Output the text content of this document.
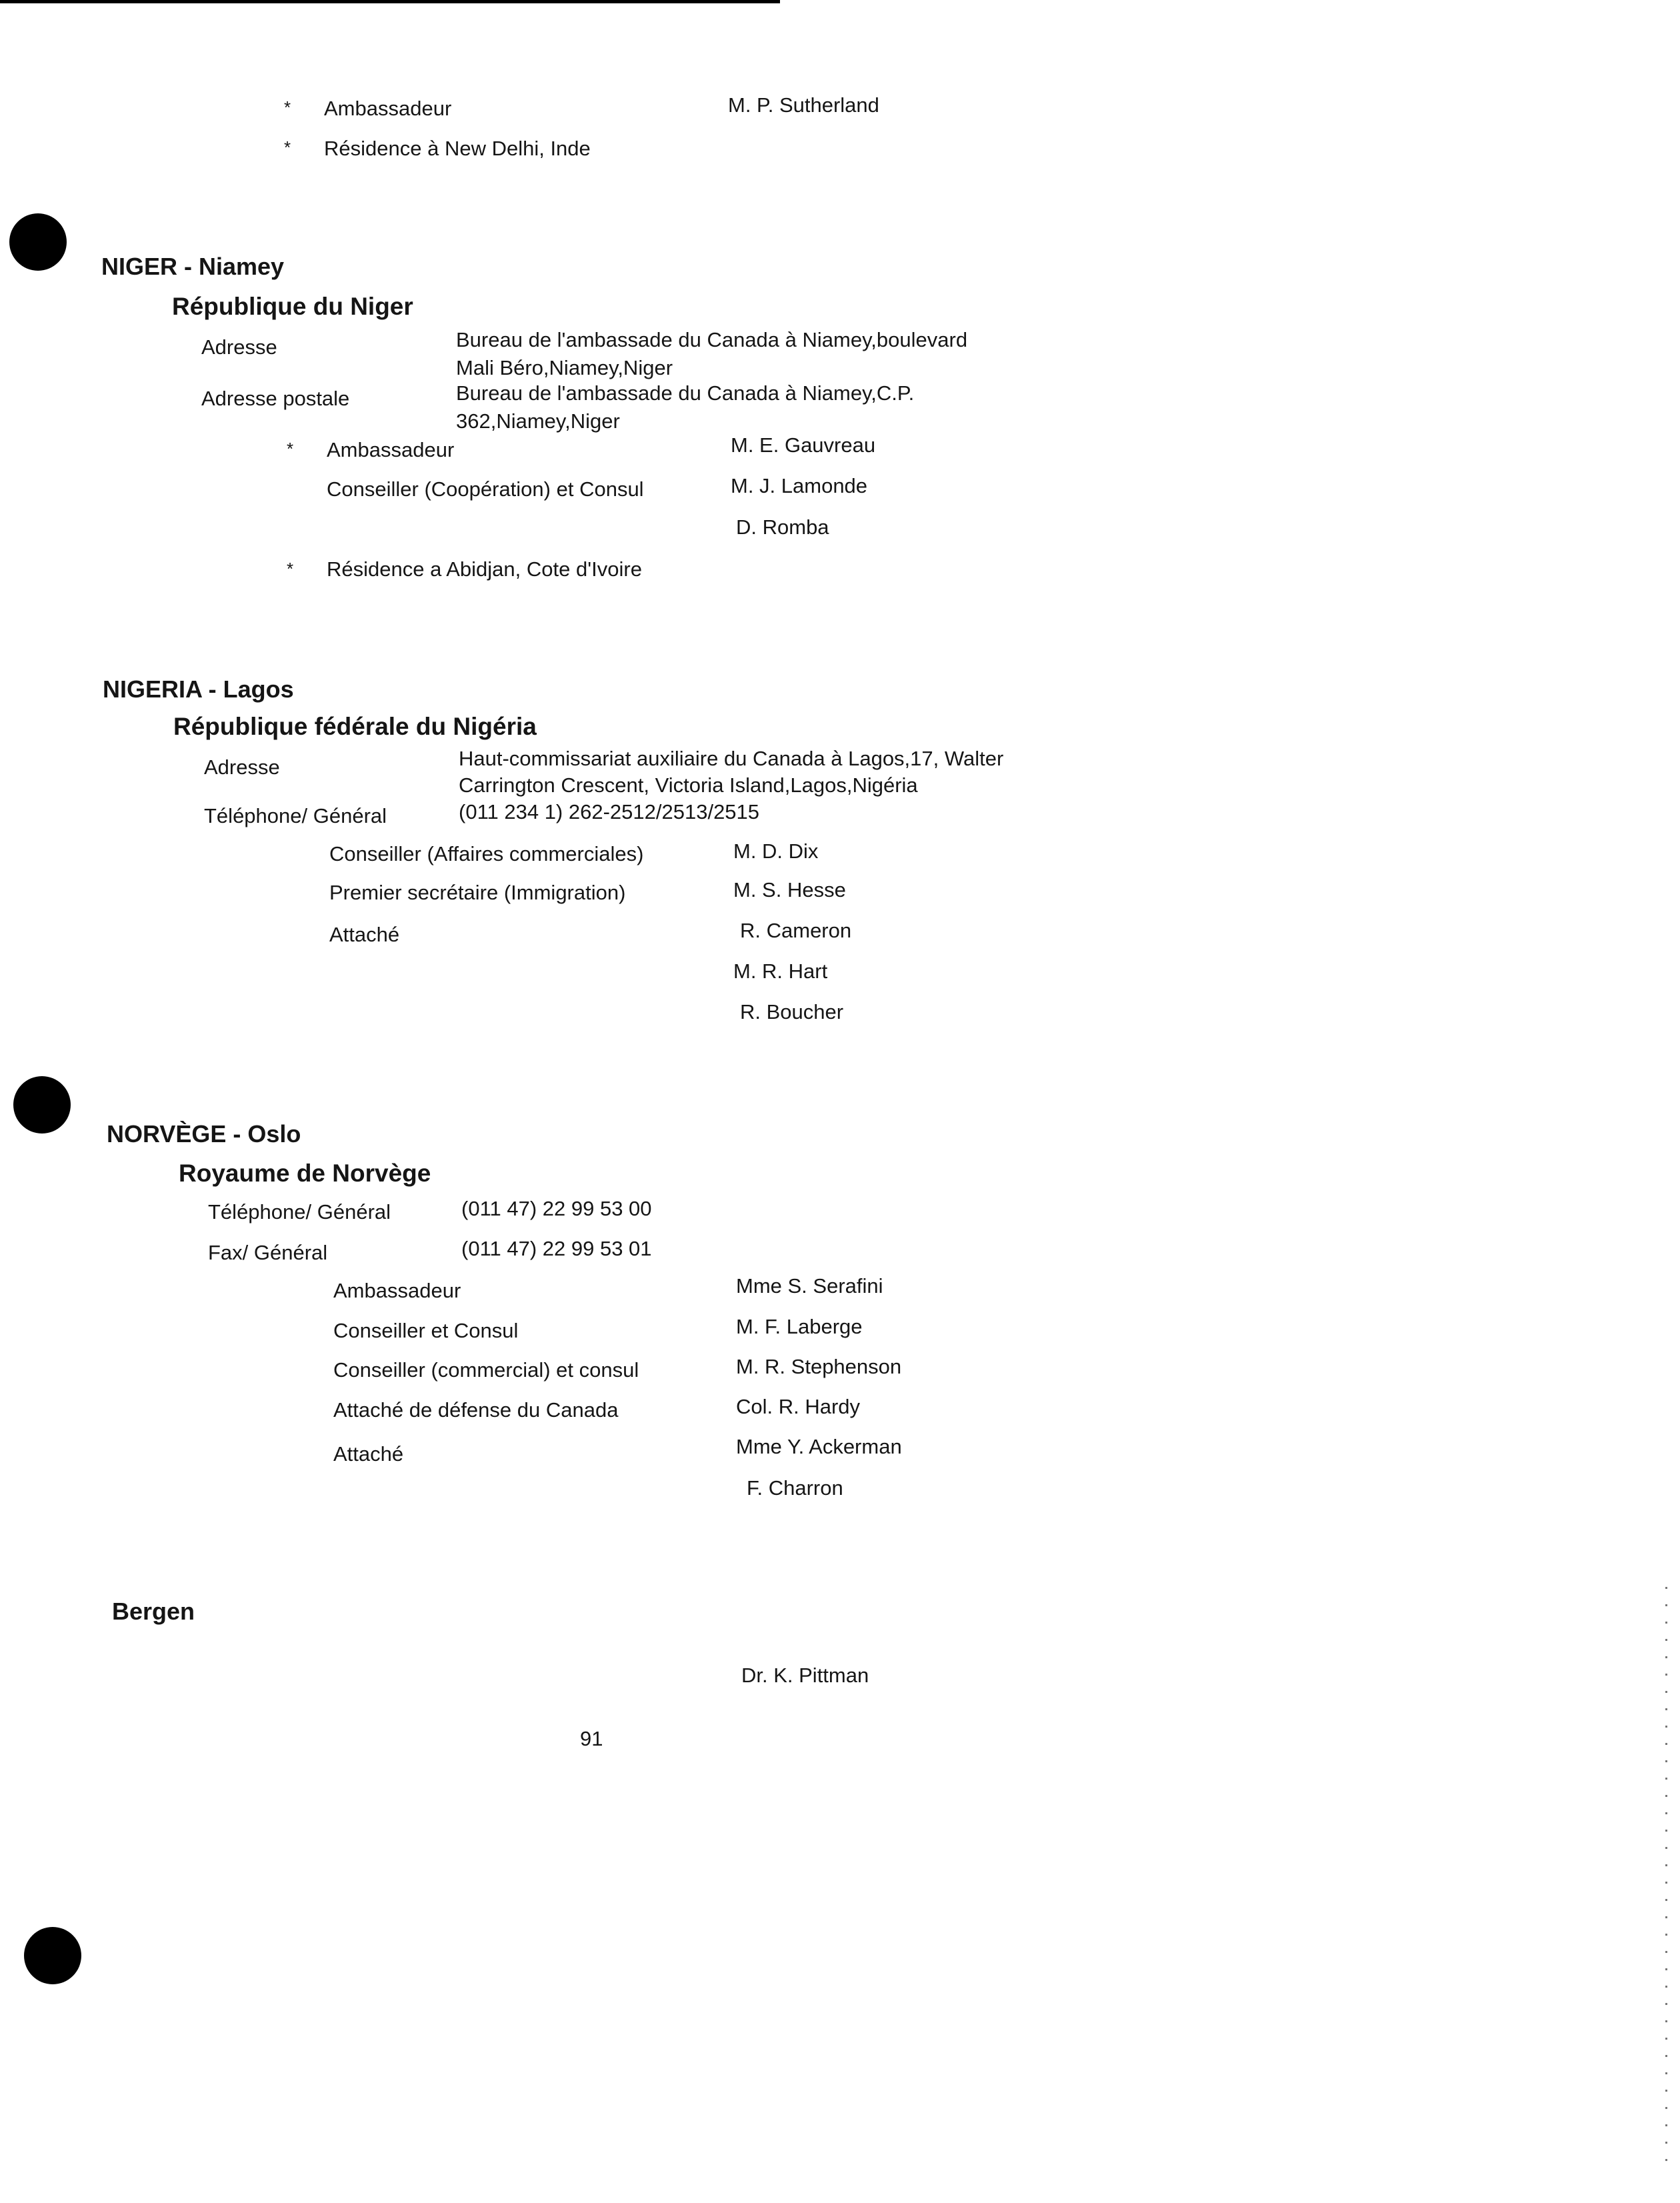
* Ambassadeur	M. P. Sutherland
* Résidence à New Delhi, Inde
NIGER - Niamey
République du Niger
Adresse	Bureau de l'ambassade du Canada à Niamey,boulevard
Mali Béro,Niamey,Niger
Adresse postale	Bureau de l'ambassade du Canada à Niamey,C.P.
362,Niamey,Niger
* Ambassadeur	M. E. Gauvreau
Conseiller (Coopération) et Consul	M. J. Lamonde
D. Romba
* Résidence a Abidjan, Cote d'Ivoire
NIGERIA - Lagos
République fédérale du Nigéria
Adresse	Haut-commissariat auxiliaire du Canada à Lagos,17, Walter
Carrington Crescent, Victoria Island,Lagos,Nigéria
Téléphone/ Général	(011 234 1) 262-2512/2513/2515
Conseiller (Affaires commerciales)	M. D. Dix
Premier secrétaire (Immigration)	M. S. Hesse
Attaché	R. Cameron
M. R. Hart
R. Boucher
NORVÈGE - Oslo
Royaume de Norvège
Téléphone/ Général	(011 47) 22 99 53 00
Fax/ Général	(011 47) 22 99 53 01
Ambassadeur	Mme S. Serafini
Conseiller et Consul	M. F. Laberge
Conseiller (commercial) et consul	M. R. Stephenson
Attaché de défense du Canada	Col. R. Hardy
Attaché	Mme Y. Ackerman
F. Charron
Bergen
Dr. K. Pittman
91
